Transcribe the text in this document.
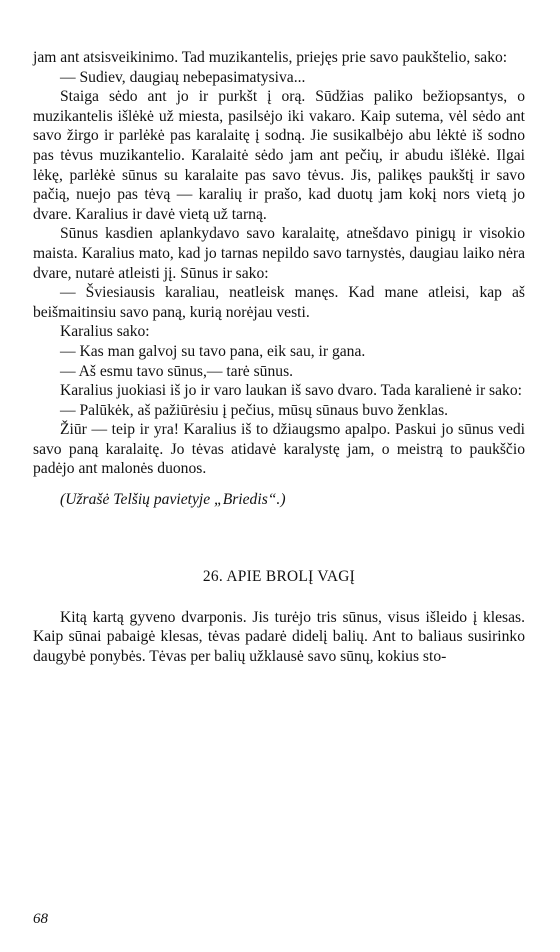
jam ant atsisveikinimo. Tad muzikantelis, priejęs prie savo paukštelio, sako:

— Sudiev, daugiaų nebepasimatysiva...

Staiga sėdo ant jo ir purkšt į orą. Sūdžias paliko bežiopsantys, o muzikantelis išlėkė už miesta, pasilsėjo iki vakaro. Kaip sutema, vėl sėdo ant savo žirgo ir parlėkė pas karalaitę į sodną. Jie susikalbėjo abu lėktė iš sodno pas tėvus muzikantelio. Karalaitė sėdo jam ant pečių, ir abudu išlėkė. Ilgai lėkę, parlėkė sūnus su karalaite pas savo tėvus. Jis, palikęs paukštį ir savo pačią, nuejo pas tėvą — karalių ir prašo, kad duotų jam kokį nors vietą jo dvare. Karalius ir davė vietą už tarną.

Sūnus kasdien aplankydavo savo karalaitę, atnešdavo pinigų ir visokio maista. Karalius mato, kad jo tarnas nepildo savo tarnystės, daugiau laiko nėra dvare, nutarė atleisti jį. Sūnus ir sako:

— Šviesiausis karaliau, neatleisk manęs. Kad mane atleisi, kap aš beišmaitinsiu savo paną, kurią norėjau vesti.

Karalius sako:

— Kas man galvoj su tavo pana, eik sau, ir gana.

— Aš esmu tavo sūnus,— tarė sūnus.

Karalius juokiasi iš jo ir varo laukan iš savo dvaro. Tada karalienė ir sako:

— Palūkėk, aš pažiūrėsiu į pečius, mūsų sūnaus buvo ženklas.

Žiūr — teip ir yra! Karalius iš to džiaugsmo apalpo. Paskui jo sūnus vedi savo paną karalaitę. Jo tėvas atidavė karalystę jam, o meistrą to paukščio padėjo ant malonės duonos.

(Užrašė Telšių pavietyje „Briedis“.)

26. APIE BROLĮ VAGĮ

Kitą kartą gyveno dvarponis. Jis turėjo tris sūnus, visus išleido į klesas. Kaip sūnai pabaigė klesas, tėvas padarė didelį balių. Ant to baliaus susirinko daugybė ponybės. Tėvas per balių užklausė savo sūnų, kokius sto-

68
